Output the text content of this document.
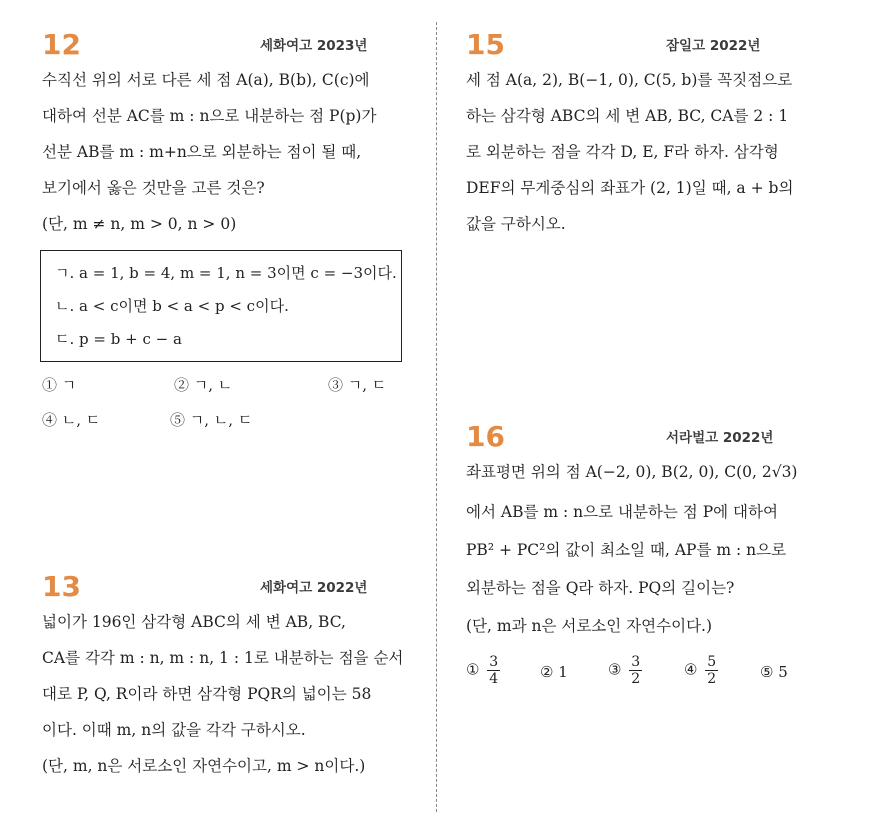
12	세화여고 2023년
수직선 위의 서로 다른 세 점 A(a), B(b), C(c)에
대하여 선분 AC를 m : n으로 내분하는 점 P(p)가
선분 AB를 m : m+n으로 외분하는 점이 될 때,
보기에서 옳은 것만을 고른 것은?
(단, m ≠ n, m > 0, n > 0)
ㄱ. a = 1, b = 4, m = 1, n = 3이면 c = −3이다.
ㄴ. a < c이면 b < a < p < c이다.
ㄷ. p = b + c − a
① ㄱ	② ㄱ, ㄴ	③ ㄱ, ㄷ
④ ㄴ, ㄷ	⑤ ㄱ, ㄴ, ㄷ
13	세화여고 2022년
넓이가 196인 삼각형 ABC의 세 변 AB, BC,
CA를 각각 m : n, m : n, 1 : 1로 내분하는 점을 순서
대로 P, Q, R이라 하면 삼각형 PQR의 넓이는 58
이다. 이때 m, n의 값을 각각 구하시오.
(단, m, n은 서로소인 자연수이고, m > n이다.)
15	잠일고 2022년
세 점 A(a, 2), B(−1, 0), C(5, b)를 꼭짓점으로
하는 삼각형 ABC의 세 변 AB, BC, CA를 2 : 1
로 외분하는 점을 각각 D, E, F라 하자. 삼각형
DEF의 무게중심의 좌표가 (2, 1)일 때, a + b의
값을 구하시오.
16	서라벌고 2022년
좌표평면 위의 점 A(−2, 0), B(2, 0), C(0, 2√3)
에서 AB를 m : n으로 내분하는 점 P에 대하여
PB² + PC²의 값이 최소일 때, AP를 m : n으로
외분하는 점을 Q라 하자. PQ의 길이는?
(단, m과 n은 서로소인 자연수이다.)
① $\frac{3}{4}$	② 1	③ $\frac{3}{2}$	④ $\frac{5}{2}$	⑤ 5
